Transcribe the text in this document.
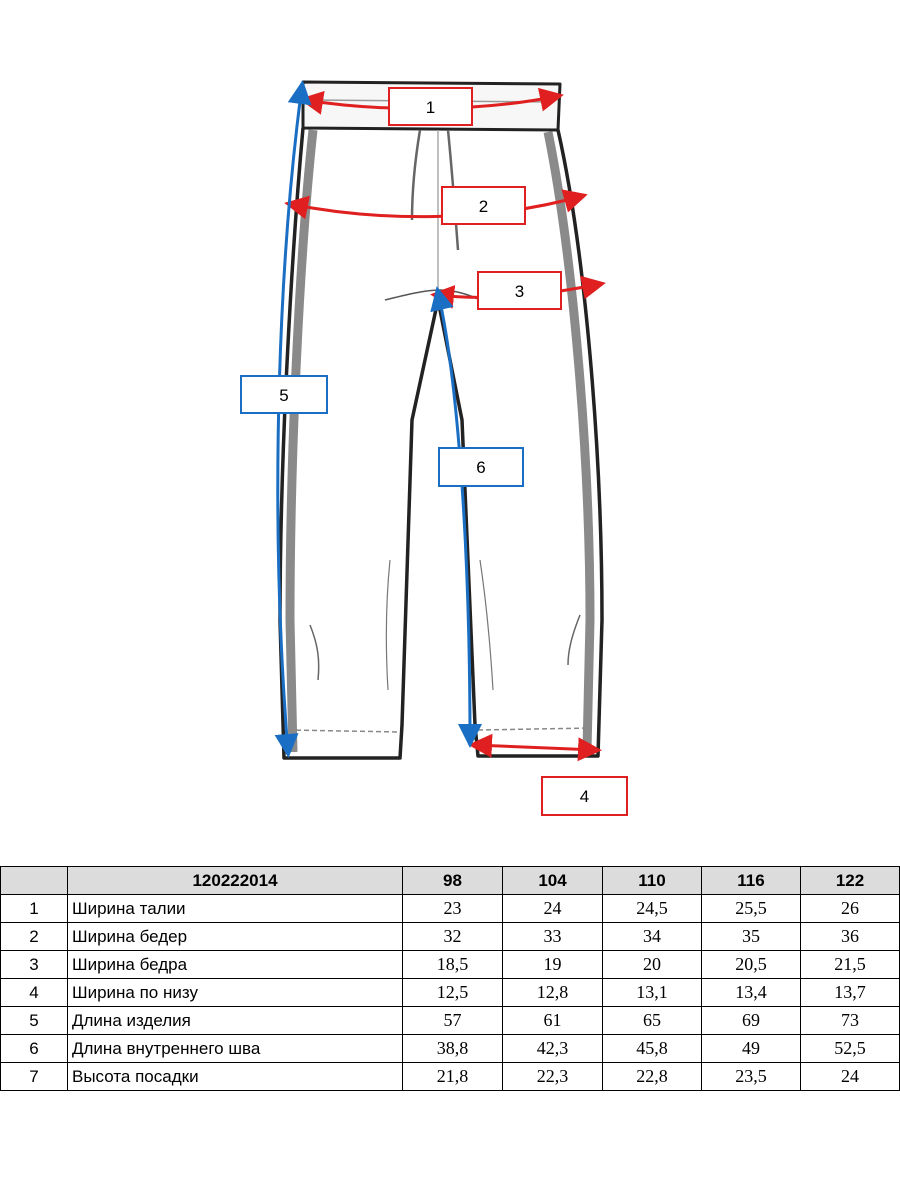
1
2
3
4
5
6
	120222014	98	104	110	116	122
1	Ширина талии	23	24	24,5	25,5	26
2	Ширина бедер	32	33	34	35	36
3	Ширина бедра	18,5	19	20	20,5	21,5
4	Ширина по низу	12,5	12,8	13,1	13,4	13,7
5	Длина изделия	57	61	65	69	73
6	Длина внутреннего шва	38,8	42,3	45,8	49	52,5
7	Высота посадки	21,8	22,3	22,8	23,5	24
